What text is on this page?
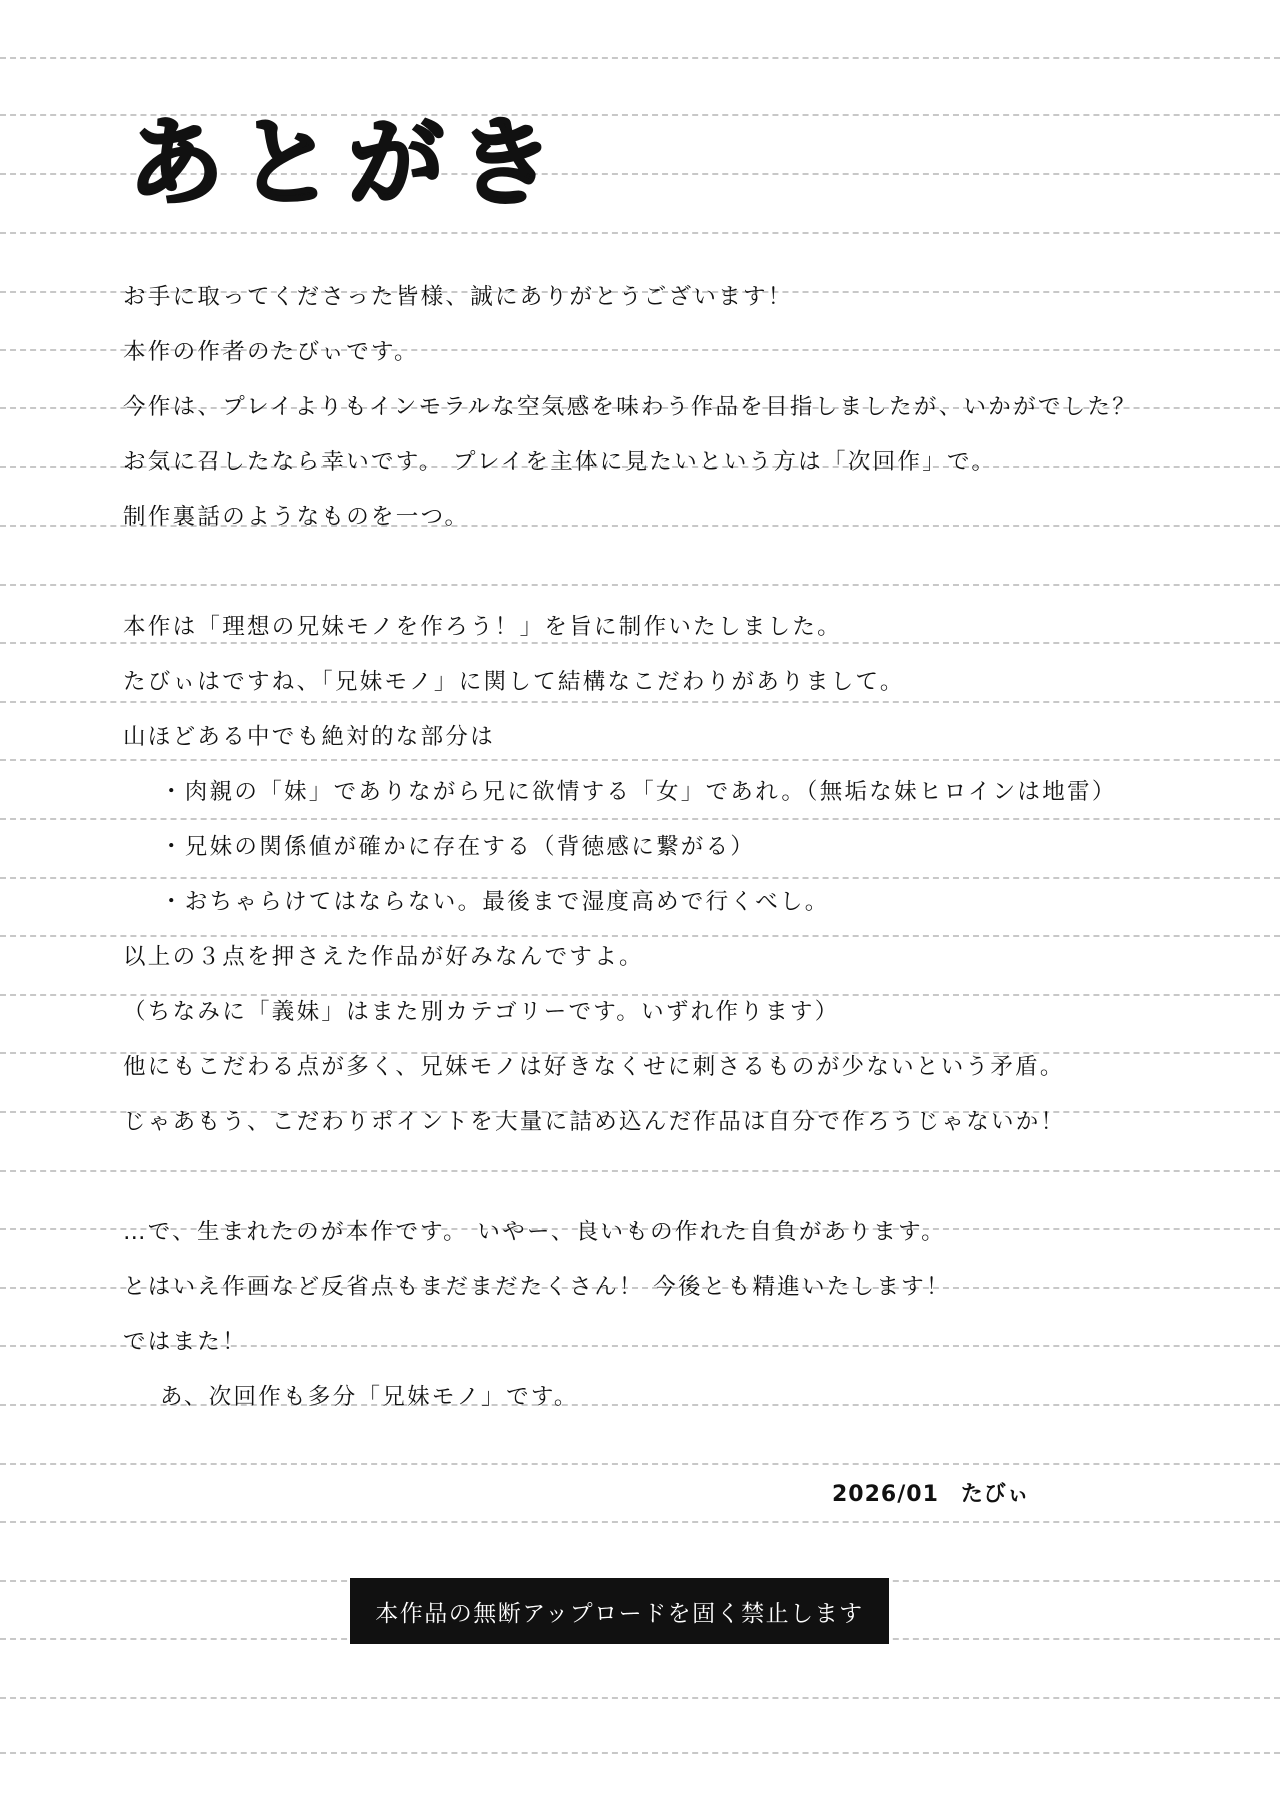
あとがき
お手に取ってくださった皆様、誠にありがとうございます！
本作の作者のたびぃです。
今作は、プレイよりもインモラルな空気感を味わう作品を目指しましたが、いかがでした？
お気に召したなら幸いです。 プレイを主体に見たいという方は「次回作」で。
制作裏話のようなものを一つ。
本作は「理想の兄妹モノを作ろう！」を旨に制作いたしました。
たびぃはですね、「兄妹モノ」に関して結構なこだわりがありまして。
山ほどある中でも絶対的な部分は
・肉親の「妹」でありながら兄に欲情する「女」であれ。（無垢な妹ヒロインは地雷）
・兄妹の関係値が確かに存在する（背徳感に繋がる）
・おちゃらけてはならない。最後まで湿度高めで行くべし。
以上の３点を押さえた作品が好みなんですよ。
（ちなみに「義妹」はまた別カテゴリーです。いずれ作ります）
他にもこだわる点が多く、兄妹モノは好きなくせに刺さるものが少ないという矛盾。
じゃあもう、こだわりポイントを大量に詰め込んだ作品は自分で作ろうじゃないか！
…で、生まれたのが本作です。 いやー、良いもの作れた自負があります。
とはいえ作画など反省点もまだまだたくさん！ 今後とも精進いたします！
ではまた！
あ、次回作も多分「兄妹モノ」です。
2026/01 たびぃ
本作品の無断アップロードを固く禁止します
